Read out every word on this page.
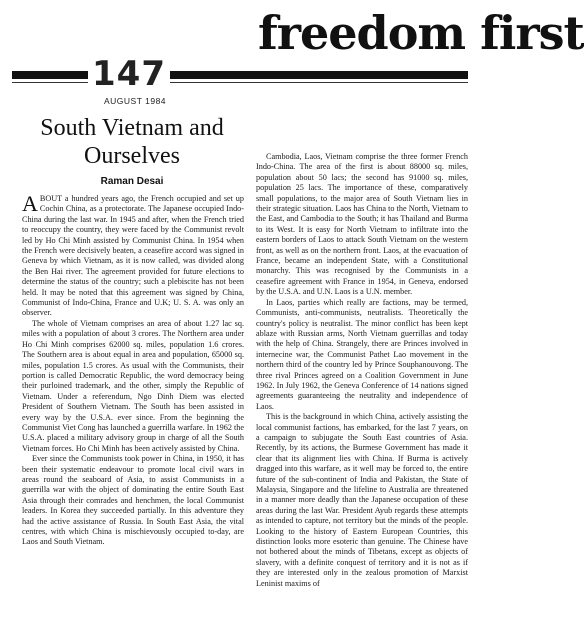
freedom first
147
AUGUST 1984
South Vietnam and Ourselves
Raman Desai

ABOUT a hundred years ago, the French occupied and set up Cochin China, as a protectorate. The Japanese occupied Indo-China during the last war. In 1945 and after, when the French tried to reoccupy the country, they were faced by the Communist revolt led by Ho Chi Minh assisted by Communist China. In 1954 when the French were decisively beaten, a ceasefire accord was signed in Geneva by which Vietnam, as it is now called, was divided along the Ben Hai river. The agreement provided for future elections to determine the status of the country; such a plebiscite has not been held. It may be noted that this agreement was signed by China, Communist of Indo-China, France and U.K; U. S. A. was only an observer.

The whole of Vietnam comprises an area of about 1.27 lac sq. miles with a population of about 3 crores. The Northern area under Ho Chi Minh comprises 62000 sq. miles, population 1.6 crores. The Southern area is about equal in area and population, 65000 sq. miles, population 1.5 crores. As usual with the Communists, their portion is called Democratic Republic, the word democracy being their purloined trademark, and the other, simply the Republic of Vietnam. Under a referendum, Ngo Dinh Diem was elected President of Southern Vietnam. The South has been assisted in every way by the U.S.A. ever since. From the beginning the Communist Viet Cong has launched a guerrilla warfare. In 1962 the U.S.A. placed a military advisory group in charge of all the South Vietnam forces. Ho Chi Minh has been actively assisted by China.

Ever since the Communists took power in China, in 1950, it has been their systematic endeavour to promote local civil wars in areas round the seaboard of Asia, to assist Communists in a guerrilla war with the object of dominating the entire South East Asia through their comrades and henchmen, the local Communist leaders. In Korea they succeeded partially. In this adventure they had the active assistance of Russia. In South East Asia, the vital centres, with which China is mischievously occupied to-day, are Laos and South Vietnam.

Cambodia, Laos, Vietnam comprise the three former French Indo-China. The area of the first is about 88000 sq. miles, population about 50 lacs; the second has 91000 sq. miles, population 25 lacs. The importance of these, comparatively small populations, to the major area of South Vietnam lies in their strategic situation. Laos has China to the North, Vietnam to the East, and Cambodia to the South; it has Thailand and Burma to its West. It is easy for North Vietnam to infiltrate into the eastern borders of Laos to attack South Vietnam on the western front, as well as on the northern front. Laos, at the evacuation of France, became an independent State, with a Constitutional monarchy. This was recognised by the Communists in a ceasefire agreement with France in 1954, in Geneva, endorsed by the U.S.A. and U.N. Laos is a U.N. member.

In Laos, parties which really are factions, may be termed, Communists, anti-communists, neutralists. Theoretically the country's policy is neutralist. The minor conflict has been kept ablaze with Russian arms, North Vietnam guerrillas and today with the help of China. Strangely, there are Princes involved in internecine war, the Communist Pathet Lao movement in the northern third of the country led by Prince Souphanouvong. The three rival Princes agreed on a Coalition Government in June 1962. In July 1962, the Geneva Conference of 14 nations signed agreements guaranteeing the neutrality and independence of Laos.

This is the background in which China, actively assisting the local communist factions, has embarked, for the last 7 years, on a campaign to subjugate the South East countries of Asia. Recently, by its actions, the Burmese Government has made it clear that its alignment lies with China. If Burma is actively dragged into this warfare, as it well may be forced to, the entire future of the sub-continent of India and Pakistan, the State of Malaysia, Singapore and the lifeline to Australia are threatened in a manner more deadly than the Japanese occupation of these areas during the last War. President Ayub regards these attempts as intended to capture, not territory but the minds of the people. Looking to the history of Eastern European Countries, this distinction looks more esoteric than genuine. The Chinese have not bothered about the minds of Tibetans, except as objects of slavery, with a definite conquest of territory and it is not as if they are interested only in the zealous promotion of Marxist Leninist maxims of
